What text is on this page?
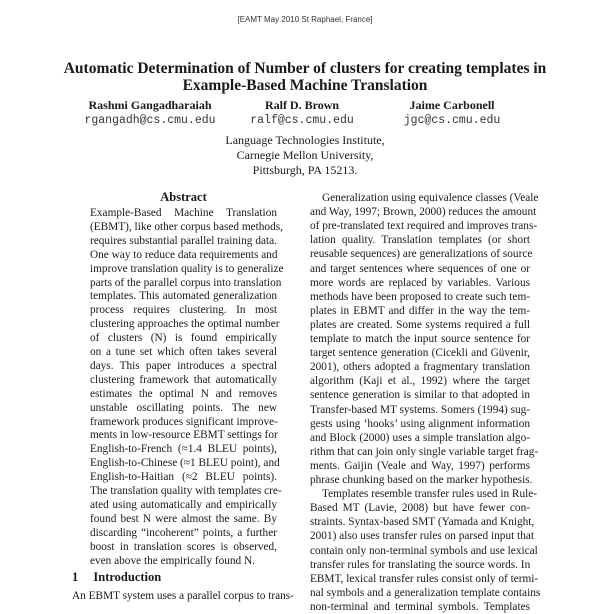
[EAMT May 2010 St Raphael, France]
Automatic Determination of Number of clusters for creating templates in
Example-Based Machine Translation
Rashmi Gangadharaiah	Ralf D. Brown	Jaime Carbonell
rgangadh@cs.cmu.edu	ralf@cs.cmu.edu	jgc@cs.cmu.edu
Language Technologies Institute,
Carnegie Mellon University,
Pittsburgh, PA 15213.
Abstract
Example-Based Machine Translation
(EBMT), like other corpus based methods,
requires substantial parallel training data.
One way to reduce data requirements and
improve translation quality is to generalize
parts of the parallel corpus into translation
templates. This automated generalization
process requires clustering. In most
clustering approaches the optimal number
of clusters (N) is found empirically
on a tune set which often takes several
days. This paper introduces a spectral
clustering framework that automatically
estimates the optimal N and removes
unstable oscillating points. The new
framework produces significant improve-
ments in low-resource EBMT settings for
English-to-French (≈1.4 BLEU points),
English-to-Chinese (≈1 BLEU point), and
English-to-Haitian (≈2 BLEU points).
The translation quality with templates cre-
ated using automatically and empirically
found best N were almost the same. By
discarding “incoherent” points, a further
boost in translation scores is observed,
even above the empirically found N.
1 Introduction
An EBMT system uses a parallel corpus to trans-
Generalization using equivalence classes (Veale
and Way, 1997; Brown, 2000) reduces the amount
of pre-translated text required and improves trans-
lation quality. Translation templates (or short
reusable sequences) are generalizations of source
and target sentences where sequences of one or
more words are replaced by variables. Various
methods have been proposed to create such tem-
plates in EBMT and differ in the way the tem-
plates are created. Some systems required a full
template to match the input source sentence for
target sentence generation (Cicekli and Güvenir,
2001), others adopted a fragmentary translation
algorithm (Kaji et al., 1992) where the target
sentence generation is similar to that adopted in
Transfer-based MT systems. Somers (1994) sug-
gests using ‘hooks’ using alignment information
and Block (2000) uses a simple translation algo-
rithm that can join only single variable target frag-
ments. Gaijin (Veale and Way, 1997) performs
phrase chunking based on the marker hypothesis.
Templates resemble transfer rules used in Rule-
Based MT (Lavie, 2008) but have fewer con-
straints. Syntax-based SMT (Yamada and Knight,
2001) also uses transfer rules on parsed input that
contain only non-terminal symbols and use lexical
transfer rules for translating the source words. In
EBMT, lexical transfer rules consist only of termi-
nal symbols and a generalization template contains
non-terminal and terminal symbols. Templates
